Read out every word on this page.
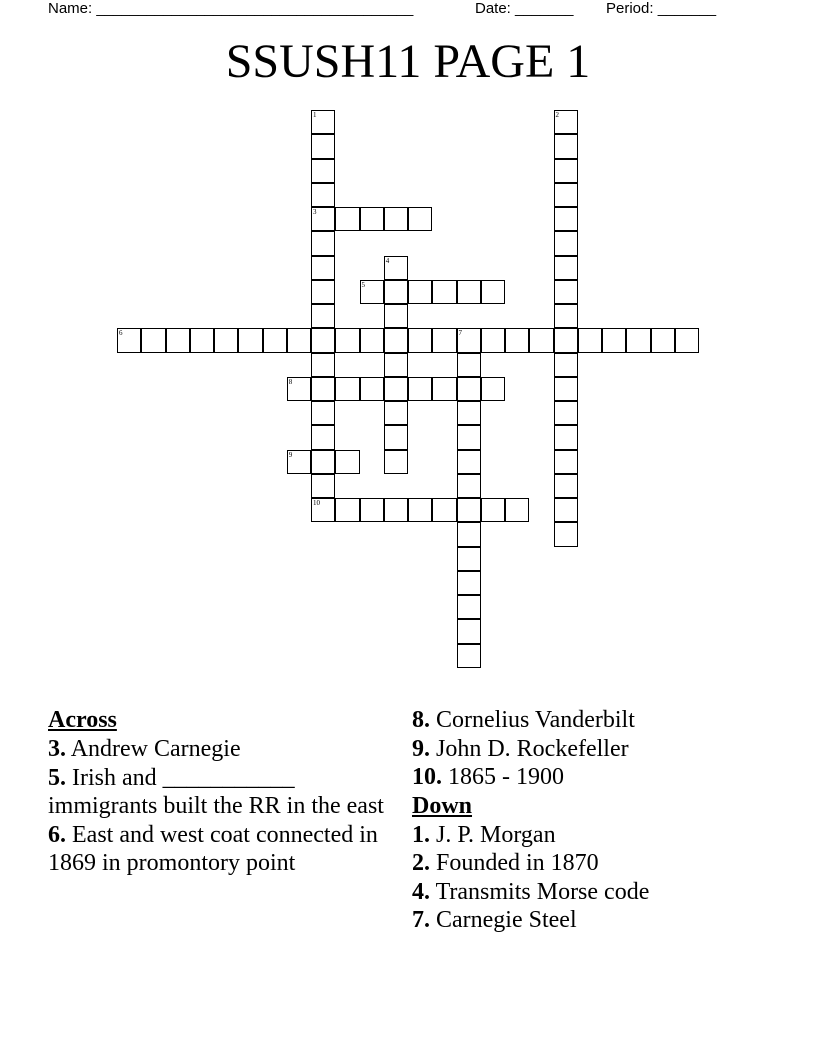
Name: ______________________________________

	Date: _______

Period: _______

SSUSH11 PAGE 1
1
3
10
2
4
5
6	7
8
9
Across
3. Andrew Carnegie
5. Irish and ___________ immigrants built the RR in the east
6. East and west coat connected in 1869 in promontory point
8. Cornelius Vanderbilt
9. John D. Rockefeller
10. 1865 - 1900
Down
1. J. P. Morgan
2. Founded in 1870
4. Transmits Morse code
7. Carnegie Steel
